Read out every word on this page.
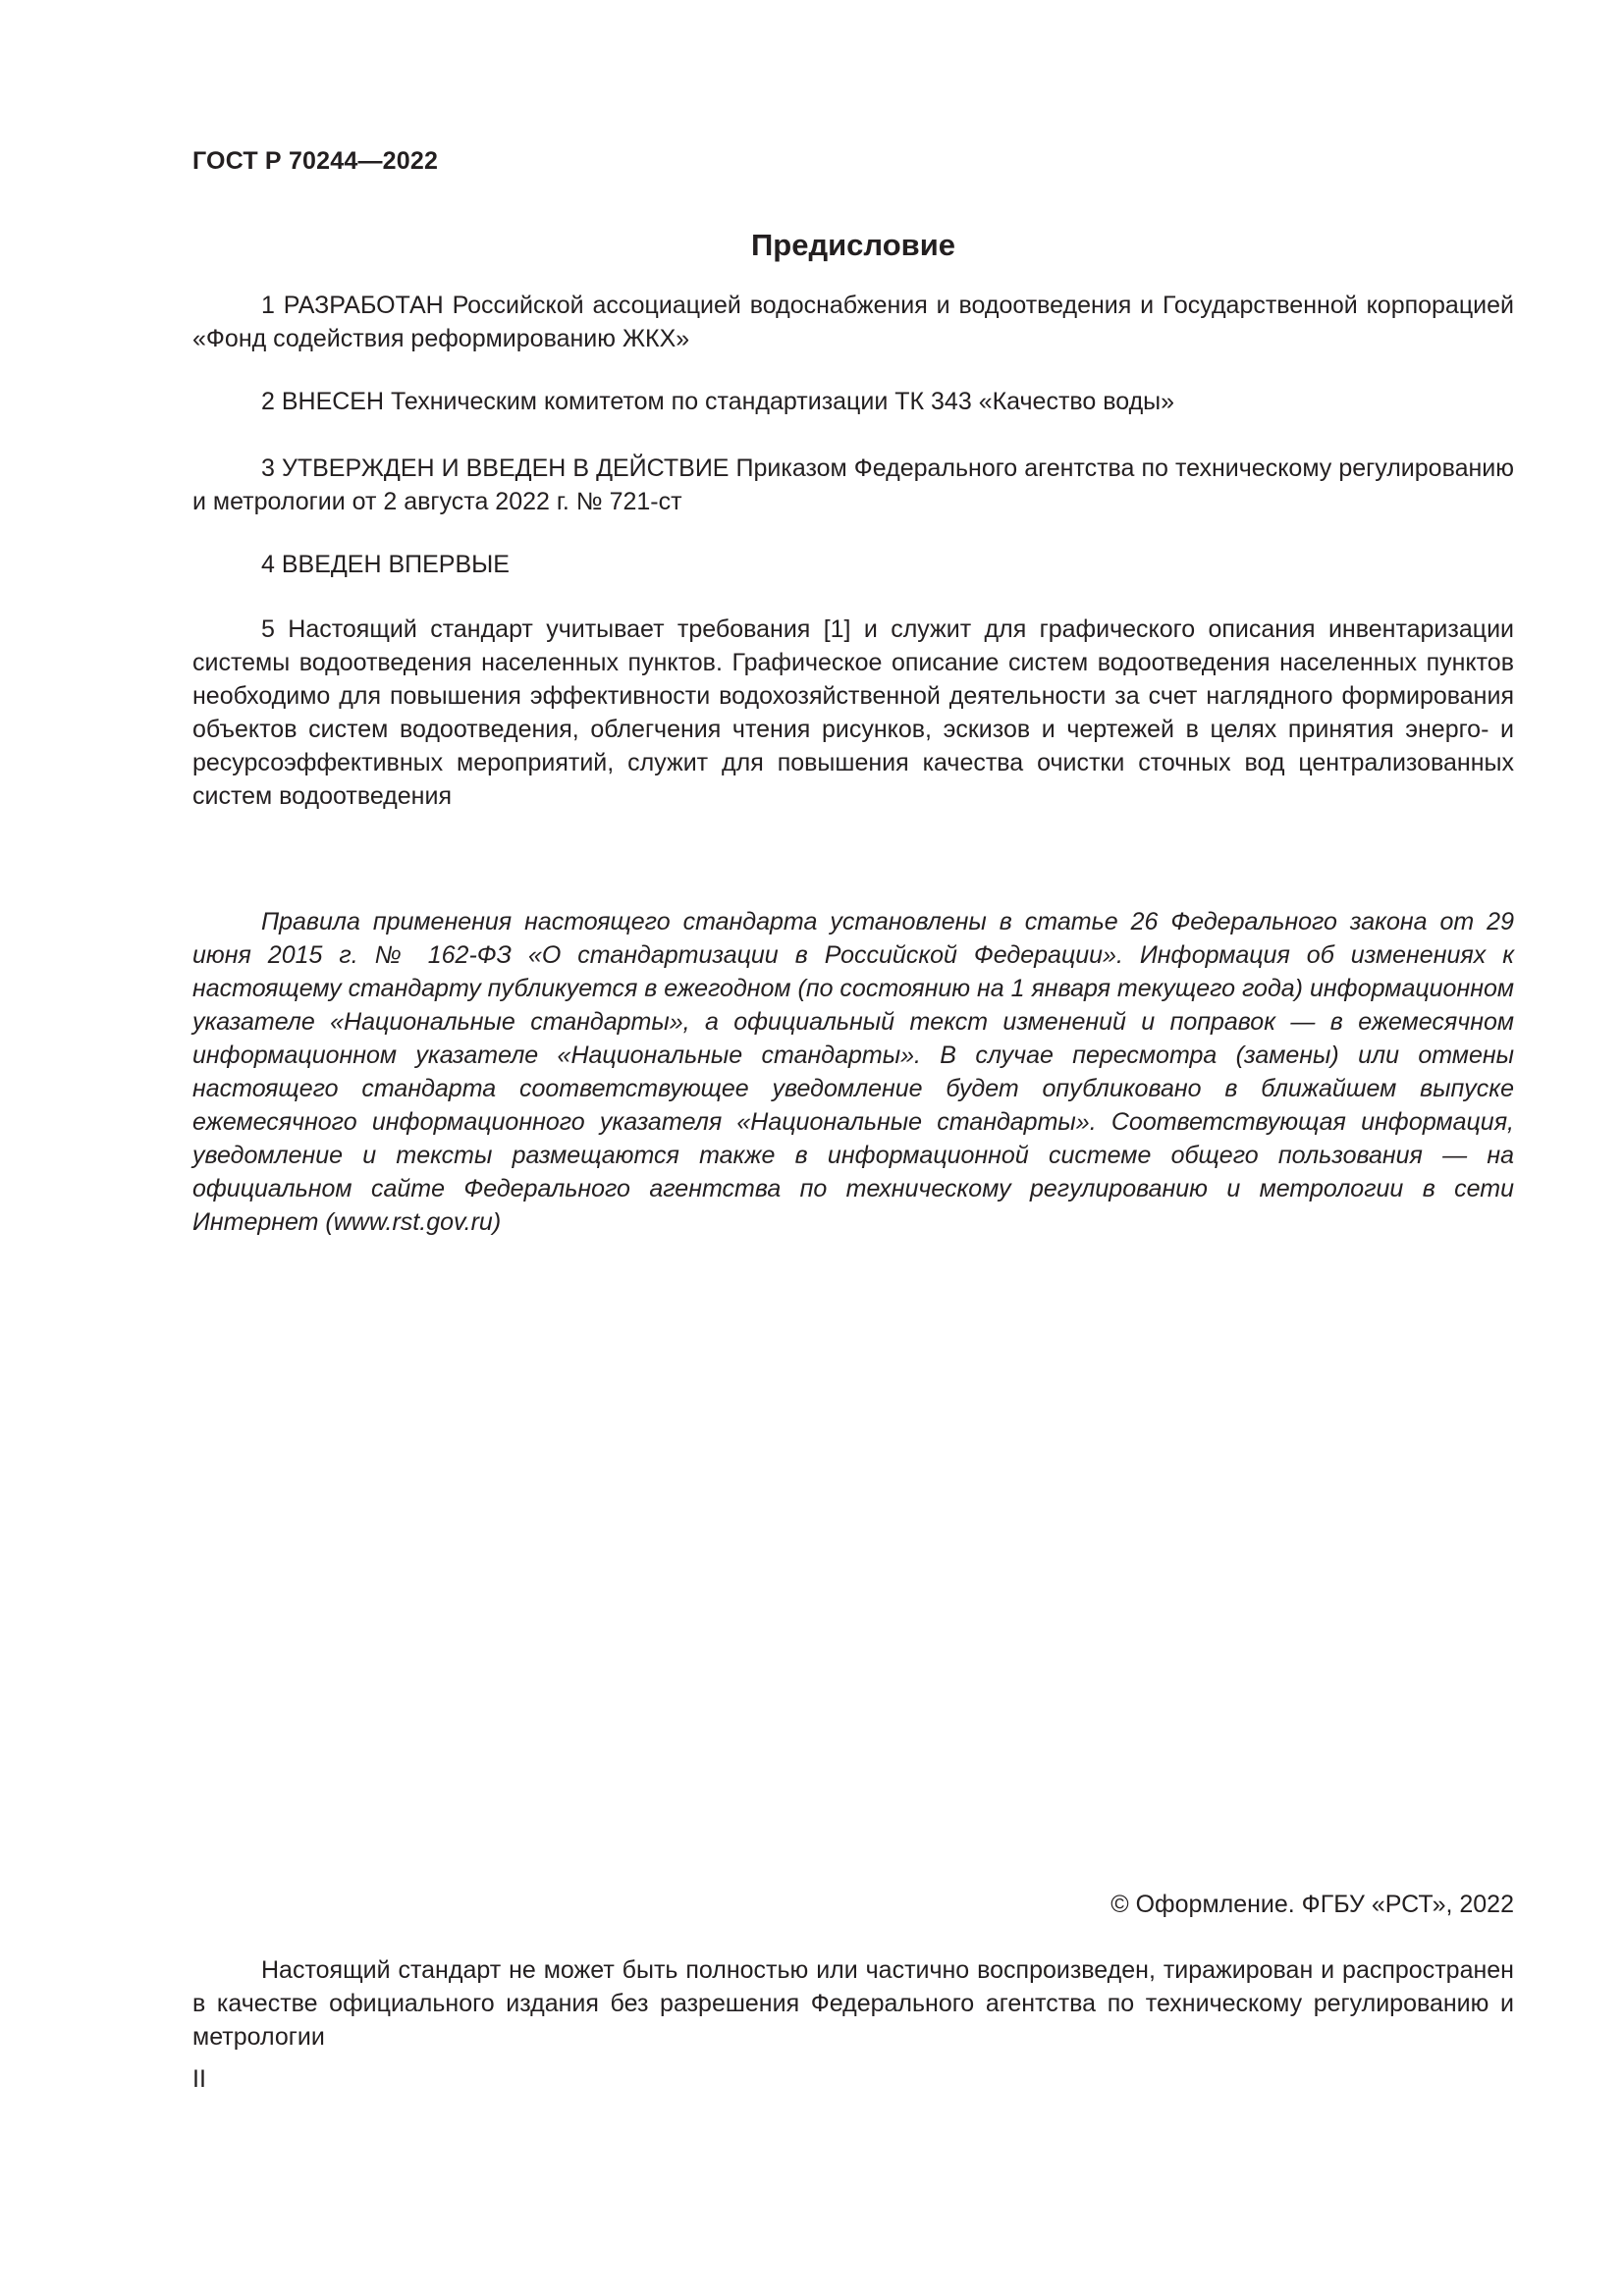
ГОСТ Р 70244—2022
Предисловие

1 РАЗРАБОТАН Российской ассоциацией водоснабжения и водоотведения и Государственной корпорацией «Фонд содействия реформированию ЖКХ»

2 ВНЕСЕН Техническим комитетом по стандартизации ТК 343 «Качество воды»

3 УТВЕРЖДЕН И ВВЕДЕН В ДЕЙСТВИЕ Приказом Федерального агентства по техническому регулированию и метрологии от 2 августа 2022 г. № 721-ст

4 ВВЕДЕН ВПЕРВЫЕ

5 Настоящий стандарт учитывает требования [1] и служит для графического описания инвентаризации системы водоотведения населенных пунктов. Графическое описание систем водоотведения населенных пунктов необходимо для повышения эффективности водохозяйственной деятельности за счет наглядного формирования объектов систем водоотведения, облегчения чтения рисунков, эскизов и чертежей в целях принятия энерго- и ресурсоэффективных мероприятий, служит для повышения качества очистки сточных вод централизованных систем водоотведения

Правила применения настоящего стандарта установлены в статье 26 Федерального закона от 29 июня 2015 г. № 162-ФЗ «О стандартизации в Российской Федерации». Информация об изменениях к настоящему стандарту публикуется в ежегодном (по состоянию на 1 января текущего года) информационном указателе «Национальные стандарты», а официальный текст изменений и поправок — в ежемесячном информационном указателе «Национальные стандарты». В случае пересмотра (замены) или отмены настоящего стандарта соответствующее уведомление будет опубликовано в ближайшем выпуске ежемесячного информационного указателя «Национальные стандарты». Соответствующая информация, уведомление и тексты размещаются также в информационной системе общего пользования — на официальном сайте Федерального агентства по техническому регулированию и метрологии в сети Интернет (www.rst.gov.ru)

© Оформление. ФГБУ «РСТ», 2022

Настоящий стандарт не может быть полностью или частично воспроизведен, тиражирован и распространен в качестве официального издания без разрешения Федерального агентства по техническому регулированию и метрологии

II
